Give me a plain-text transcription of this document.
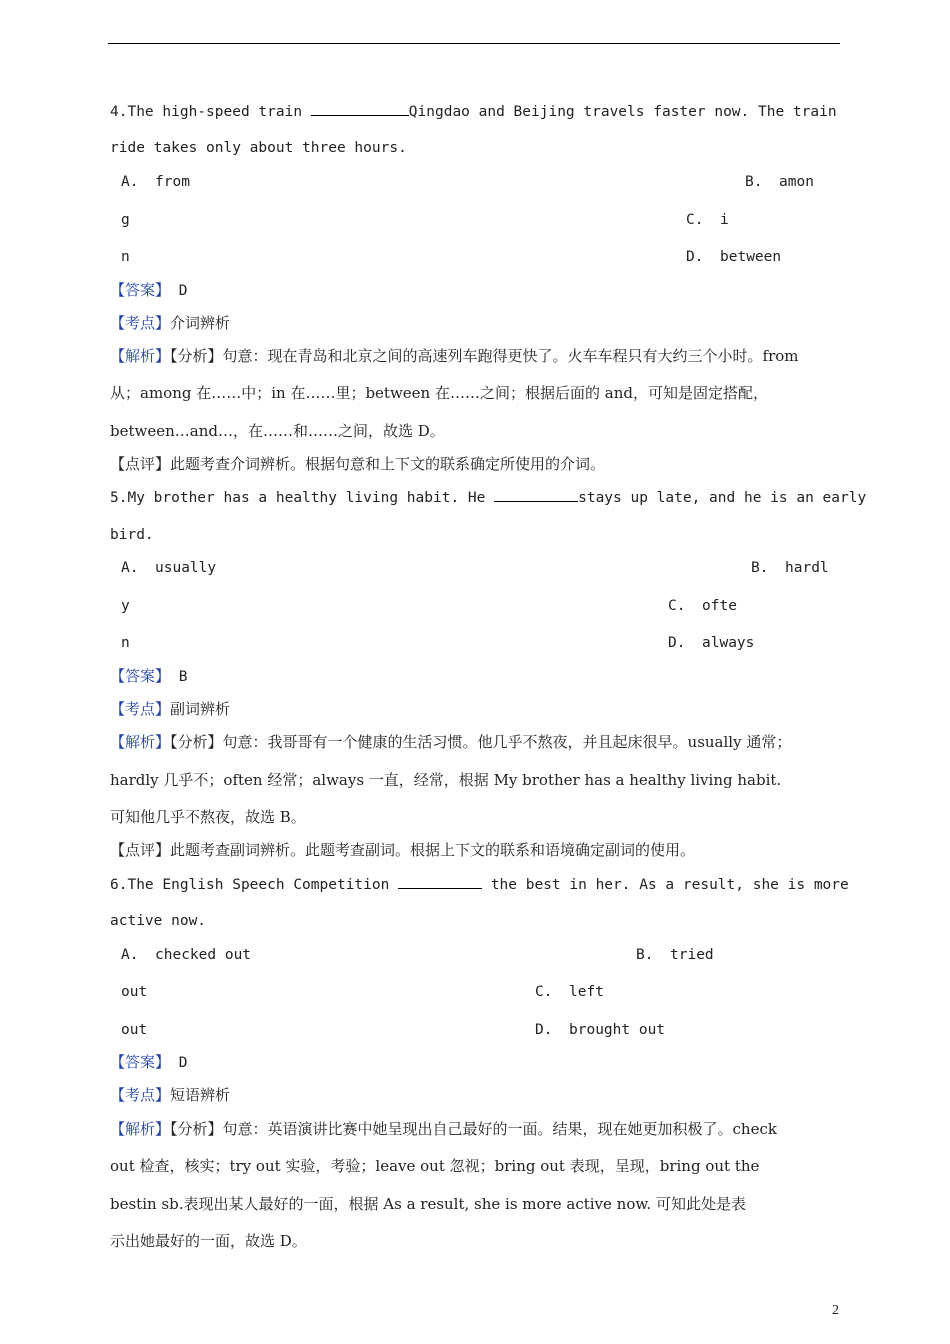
4.The high-speed train	Qingdao and Beijing travels faster now. The train
ride takes only about three hours.
A. from	B. amon
g	C. i
n	D. between
【答案】 D
【考点】介词辨析
【解析】【分析】句意：现在青岛和北京之间的高速列车跑得更快了。火车车程只有大约三个小时。from
从；among 在……中；in 在……里；between 在……之间；根据后面的 and，可知是固定搭配，
between…and…，在……和……之间，故选 D。
【点评】此题考查介词辨析。根据句意和上下文的联系确定所使用的介词。
5.My brother has a healthy living habit. He	stays up late, and he is an early
bird.
A. usually	B. hardl
y	C. ofte
n	D. always
【答案】 B
【考点】副词辨析
【解析】【分析】句意：我哥哥有一个健康的生活习惯。他几乎不熬夜，并且起床很早。usually 通常；
hardly 几乎不；often 经常；always 一直，经常，根据 My brother has a healthy living habit.
可知他几乎不熬夜，故选 B。
【点评】此题考查副词辨析。此题考查副词。根据上下文的联系和语境确定副词的使用。
6.The English Speech Competition	the best in her. As a result, she is more
active now.
A. checked out	B. tried
out	C. left
out	D. brought out
【答案】 D
【考点】短语辨析
【解析】【分析】句意：英语演讲比赛中她呈现出自己最好的一面。结果，现在她更加积极了。check
out 检查，核实；try out 实验，考验；leave out 忽视；bring out 表现，呈现，bring out the
bestin sb.表现出某人最好的一面，根据 As a result, she is more active now. 可知此处是表
示出她最好的一面，故选 D。
2
